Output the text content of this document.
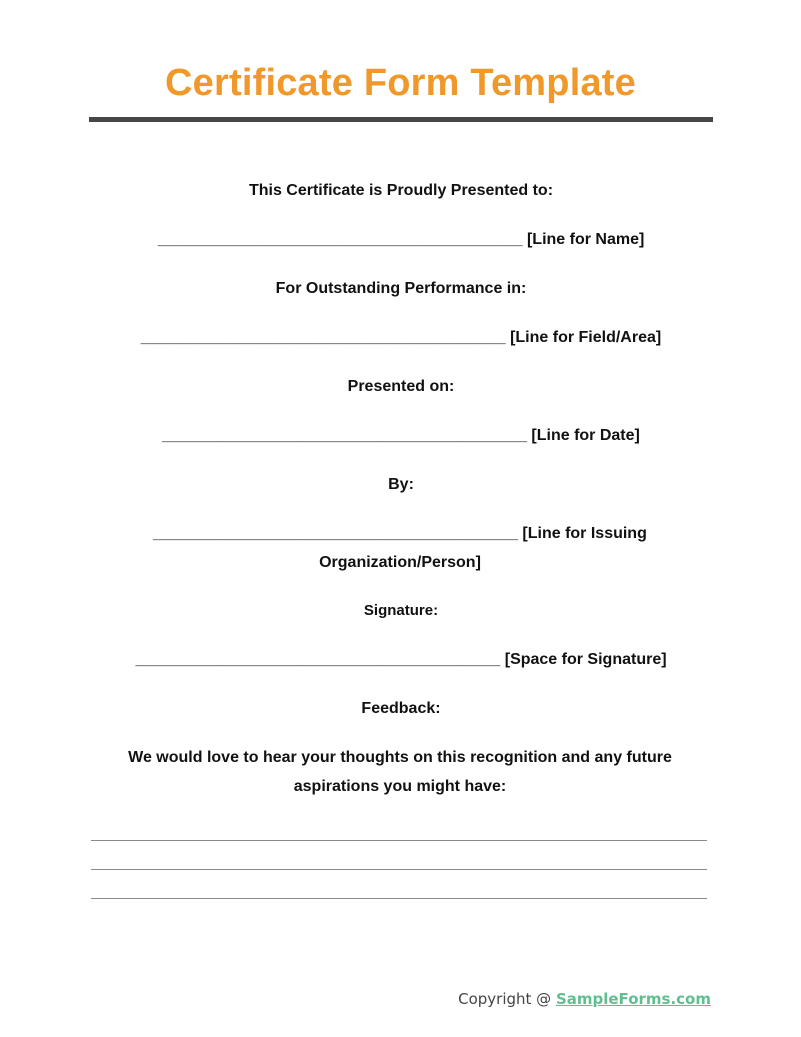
Certificate Form Template
This Certificate is Proudly Presented to:
_________________________________________ [Line for Name]
For Outstanding Performance in:
_________________________________________ [Line for Field/Area]
Presented on:
_________________________________________ [Line for Date]
By:
_________________________________________ [Line for Issuing Organization/Person]
Signature:
_________________________________________ [Space for Signature]
Feedback:
We would love to hear your thoughts on this recognition and any future aspirations you might have:
Copyright @ SampleForms.com
